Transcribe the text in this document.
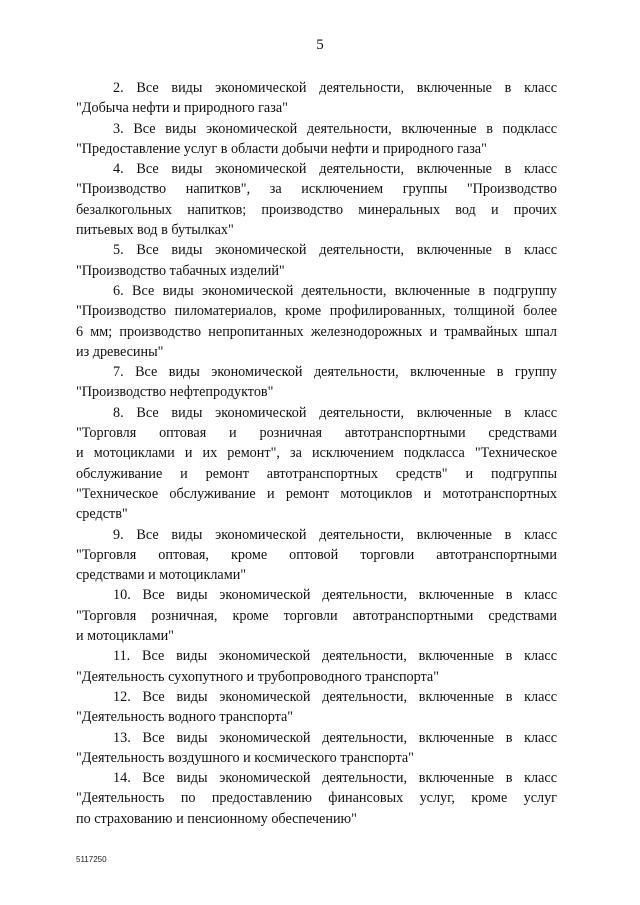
5
2. Все виды экономической деятельности, включенные в класс
"Добыча нефти и природного газа"
3. Все виды экономической деятельности, включенные в подкласс
"Предоставление услуг в области добычи нефти и природного газа"
4. Все виды экономической деятельности, включенные в класс
"Производство напитков", за исключением группы "Производство
безалкогольных напитков; производство минеральных вод и прочих
питьевых вод в бутылках"
5. Все виды экономической деятельности, включенные в класс
"Производство табачных изделий"
6. Все виды экономической деятельности, включенные в подгруппу
"Производство пиломатериалов, кроме профилированных, толщиной более
6 мм; производство непропитанных железнодорожных и трамвайных шпал
из древесины"
7. Все виды экономической деятельности, включенные в группу
"Производство нефтепродуктов"
8. Все виды экономической деятельности, включенные в класс
"Торговля оптовая и розничная автотранспортными средствами
и мотоциклами и их ремонт", за исключением подкласса "Техническое
обслуживание и ремонт автотранспортных средств" и подгруппы
"Техническое обслуживание и ремонт мотоциклов и мототранспортных
средств"
9. Все виды экономической деятельности, включенные в класс
"Торговля оптовая, кроме оптовой торговли автотранспортными
средствами и мотоциклами"
10. Все виды экономической деятельности, включенные в класс
"Торговля розничная, кроме торговли автотранспортными средствами
и мотоциклами"
11. Все виды экономической деятельности, включенные в класс
"Деятельность сухопутного и трубопроводного транспорта"
12. Все виды экономической деятельности, включенные в класс
"Деятельность водного транспорта"
13. Все виды экономической деятельности, включенные в класс
"Деятельность воздушного и космического транспорта"
14. Все виды экономической деятельности, включенные в класс
"Деятельность по предоставлению финансовых услуг, кроме услуг
по страхованию и пенсионному обеспечению"
5117250
